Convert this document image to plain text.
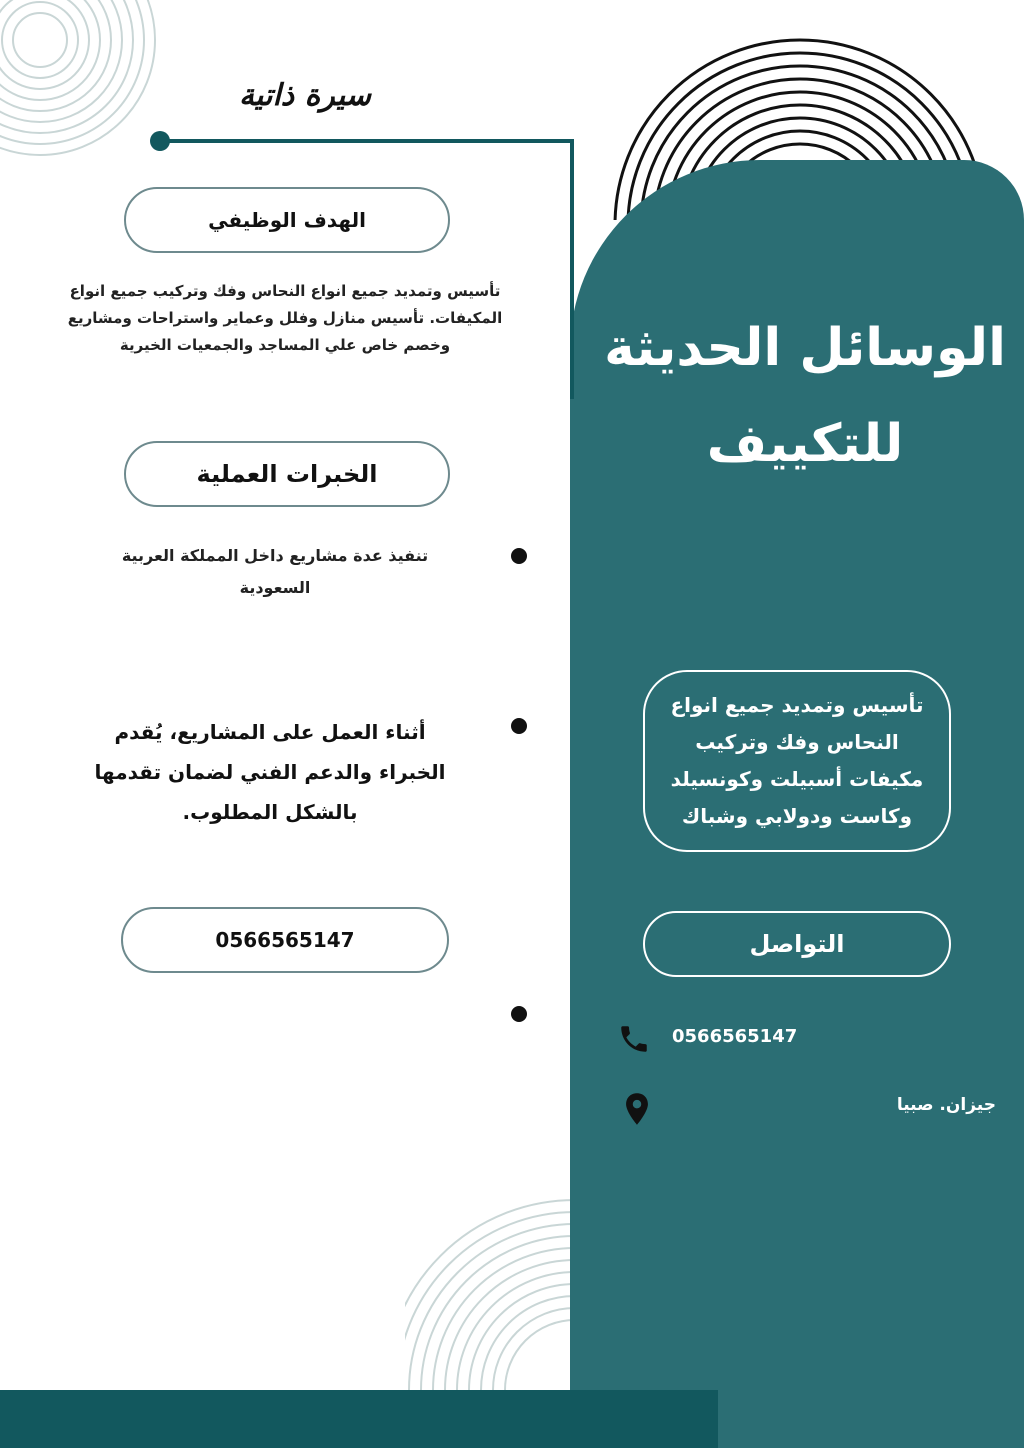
سيرة ذاتية
الهدف الوظيفي
تأسيس وتمديد جميع انواع النحاس وفك وتركيب جميع انواع المكيفات. تأسيس منازل وفلل وعماير واستراحات ومشاريع وخصم خاص علي المساجد والجمعيات الخيرية
الخبرات العملية
تنفيذ عدة مشاريع داخل المملكة العربية السعودية
أثناء العمل على المشاريع، يُقدم الخبراء والدعم الفني لضمان تقدمها بالشكل المطلوب.
0566565147
الوسائل الحديثة للتكييف
تأسيس وتمديد جميع انواع النحاس وفك وتركيب مكيفات أسبيلت وكونسيلد وكاست ودولابي وشباك
التواصل
0566565147
جيزان. صبيا
